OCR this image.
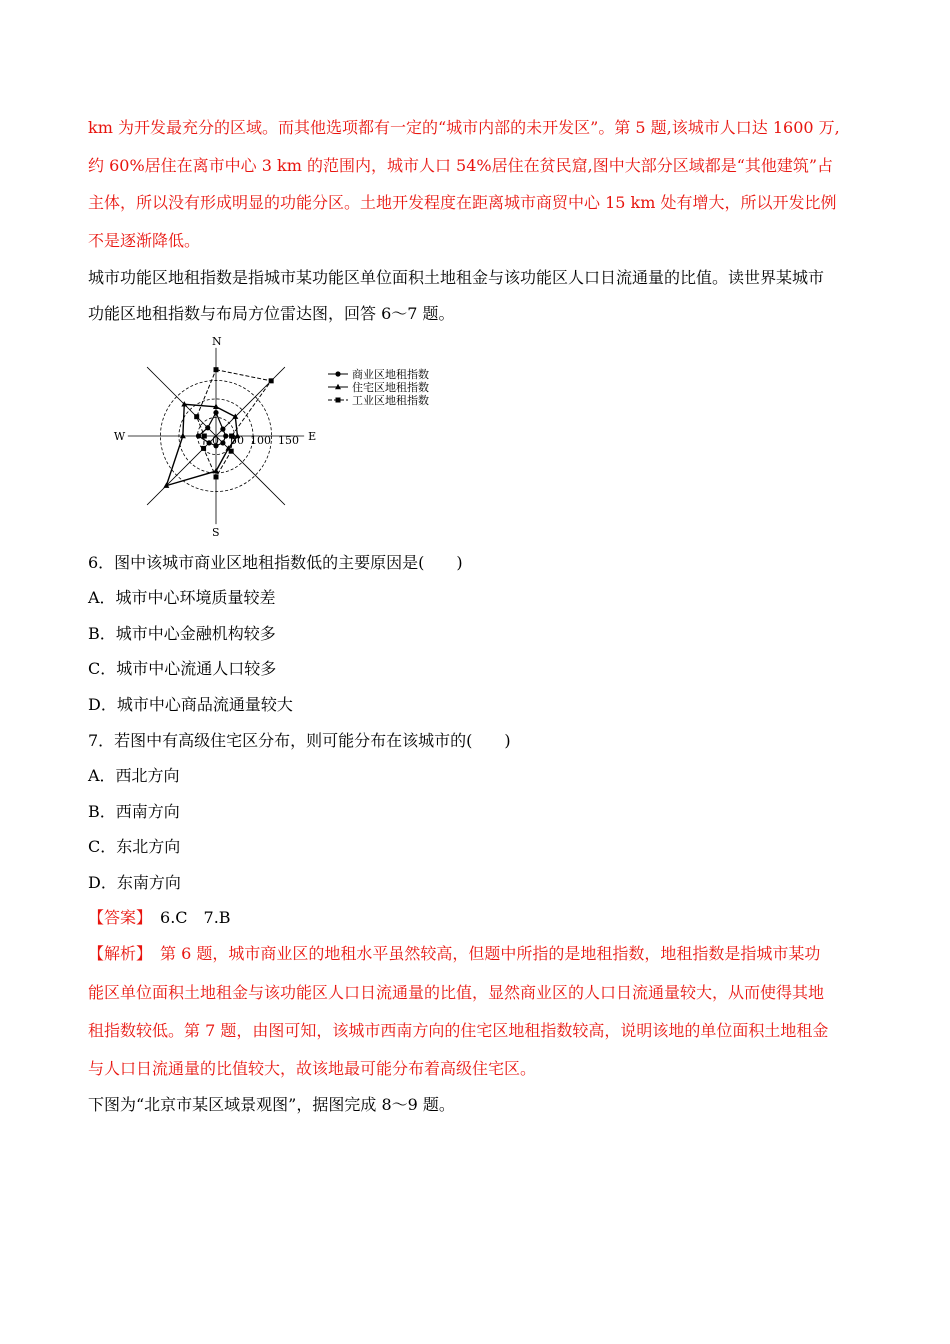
km 为开发最充分的区域。而其他选项都有一定的“城市内部的未开发区”。第 5 题,该城市人口达 1600 万,
约 60%居住在离市中心 3 km 的范围内，城市人口 54%居住在贫民窟,图中大部分区域都是“其他建筑”占
主体，所以没有形成明显的功能分区。土地开发程度在距离城市商贸中心 15 km 处有增大，所以开发比例
不是逐渐降低。
城市功能区地租指数是指城市某功能区单位面积土地租金与该功能区人口日流通量的比值。读世界某城市
功能区地租指数与布局方位雷达图，回答 6～7 题。
N
S
W	E
0 50 100 150
商业区地租指数
住宅区地租指数
工业区地租指数
6．图中该城市商业区地租指数低的主要原因是(　　)
A．城市中心环境质量较差
B．城市中心金融机构较多
C．城市中心流通人口较多
D．城市中心商品流通量较大
7．若图中有高级住宅区分布，则可能分布在该城市的(　　)
A．西北方向
B．西南方向
C．东北方向
D．东南方向
【答案】　6.C　7.B
【解析】　第 6 题，城市商业区的地租水平虽然较高，但题中所指的是地租指数，地租指数是指城市某功
能区单位面积土地租金与该功能区人口日流通量的比值，显然商业区的人口日流通量较大，从而使得其地
租指数较低。第 7 题，由图可知，该城市西南方向的住宅区地租指数较高，说明该地的单位面积土地租金
与人口日流通量的比值较大，故该地最可能分布着高级住宅区。
下图为“北京市某区域景观图”，据图完成 8～9 题。
